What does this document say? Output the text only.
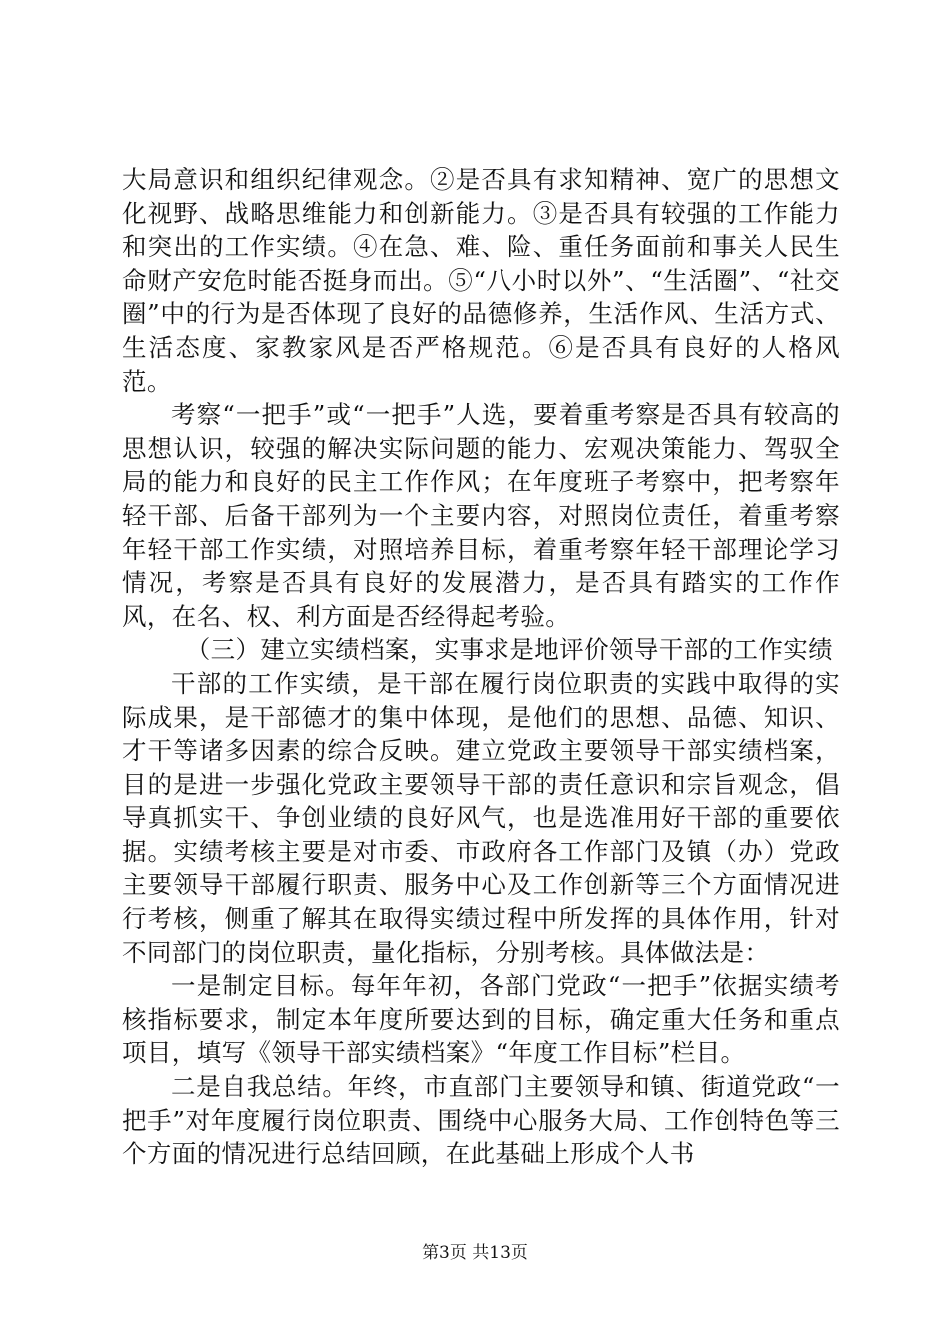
大局意识和组织纪律观念。②是否具有求知精神、宽广的思想文化视野、战略思维能力和创新能力。③是否具有较强的工作能力和突出的工作实绩。④在急、难、险、重任务面前和事关人民生命财产安危时能否挺身而出。⑤“八小时以外”、“生活圈”、“社交圈”中的行为是否体现了良好的品德修养，生活作风、生活方式、生活态度、家教家风是否严格规范。⑥是否具有良好的人格风范。

考察“一把手”或“一把手”人选，要着重考察是否具有较高的思想认识，较强的解决实际问题的能力、宏观决策能力、驾驭全局的能力和良好的民主工作作风；在年度班子考察中，把考察年轻干部、后备干部列为一个主要内容，对照岗位责任，着重考察年轻干部工作实绩，对照培养目标，着重考察年轻干部理论学习情况，考察是否具有良好的发展潜力，是否具有踏实的工作作风，在名、权、利方面是否经得起考验。

（三）建立实绩档案，实事求是地评价领导干部的工作实绩

干部的工作实绩，是干部在履行岗位职责的实践中取得的实际成果，是干部德才的集中体现，是他们的思想、品德、知识、才干等诸多因素的综合反映。建立党政主要领导干部实绩档案，目的是进一步强化党政主要领导干部的责任意识和宗旨观念，倡导真抓实干、争创业绩的良好风气，也是选准用好干部的重要依据。实绩考核主要是对市委、市政府各工作部门及镇（办）党政主要领导干部履行职责、服务中心及工作创新等三个方面情况进行考核，侧重了解其在取得实绩过程中所发挥的具体作用，针对不同部门的岗位职责，量化指标，分别考核。具体做法是：

一是制定目标。每年年初，各部门党政“一把手”依据实绩考核指标要求，制定本年度所要达到的目标，确定重大任务和重点项目，填写《领导干部实绩档案》“年度工作目标”栏目。

二是自我总结。年终，市直部门主要领导和镇、街道党政“一把手”对年度履行岗位职责、围绕中心服务大局、工作创特色等三个方面的情况进行总结回顾，在此基础上形成个人书

第3页 共13页
